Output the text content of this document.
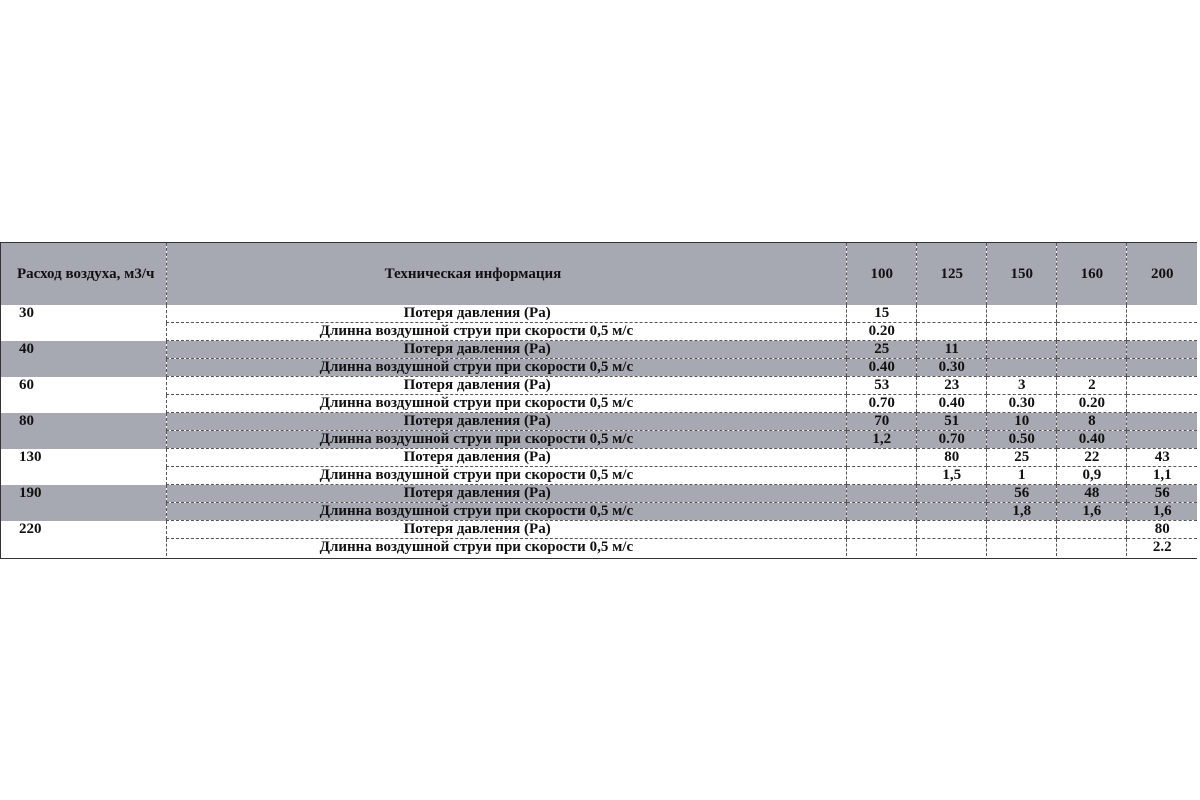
Расход воздуха, м3/ч	Техническая информация	100	125	150	160	200
30	Потеря давления (Pa)	15				
	Длинна воздушной струи при скорости 0,5 м/с	0.20				
40	Потеря давления (Pa)	25	11			
	Длинна воздушной струи при скорости 0,5 м/с	0.40	0.30			
60	Потеря давления (Pa)	53	23	3	2	
	Длинна воздушной струи при скорости 0,5 м/с	0.70	0.40	0.30	0.20	
80	Потеря давления (Pa)	70	51	10	8	
	Длинна воздушной струи при скорости 0,5 м/с	1,2	0.70	0.50	0.40	
130	Потеря давления (Pa)		80	25	22	43
	Длинна воздушной струи при скорости 0,5 м/с		1,5	1	0,9	1,1
190	Потеря давления (Pa)			56	48	56
	Длинна воздушной струи при скорости 0,5 м/с			1,8	1,6	1,6
220	Потеря давления (Pa)					80
	Длинна воздушной струи при скорости 0,5 м/с					2.2
